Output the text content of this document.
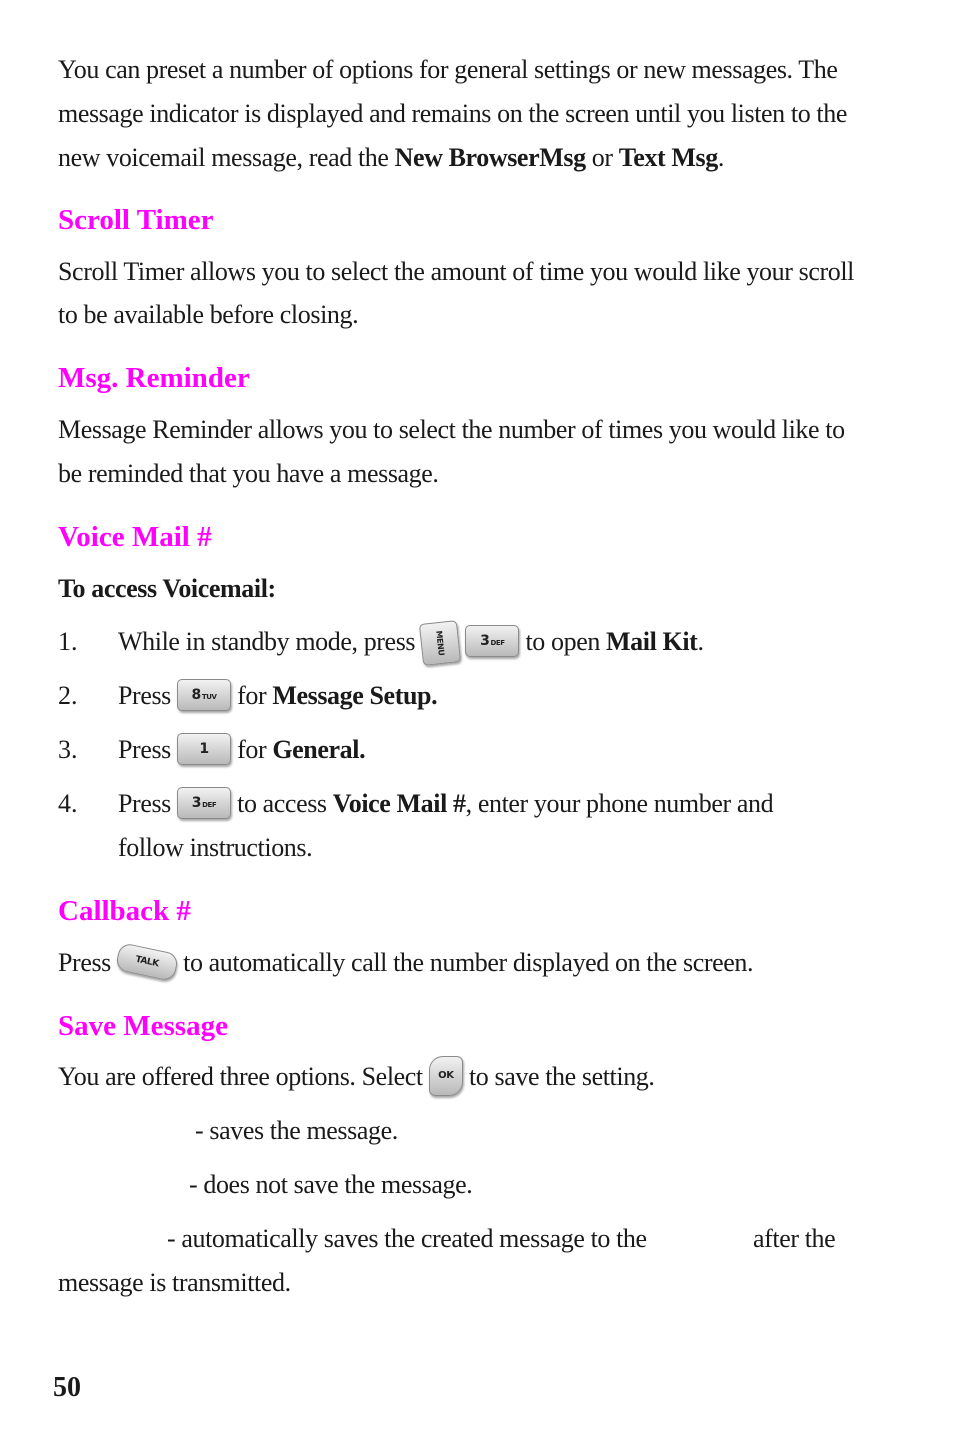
You can preset a number of options for general settings or new messages. The
message indicator is displayed and remains on the screen until you listen to the
new voicemail message, read the New BrowserMsg or Text Msg.
Scroll Timer
Scroll Timer allows you to select the amount of time you would like your scroll
to be available before closing.
Msg. Reminder
Message Reminder allows you to select the number of times you would like to
be reminded that you have a message.
Voice Mail #
To access Voicemail:
1. While in standby mode, press MENU 3DEF to open Mail Kit.
2. Press 8TUV for Message Setup.
3. Press 1 for General.
4. Press 3DEF to access Voice Mail #, enter your phone number and
follow instructions.
Callback #
Press	TALK to automatically call the number displayed on the screen.
Save Message
You are offered three options. Select OK to save the setting.
- saves the message.
- does not save the message.
- automatically saves the created message to the	after the
message is transmitted.
50
